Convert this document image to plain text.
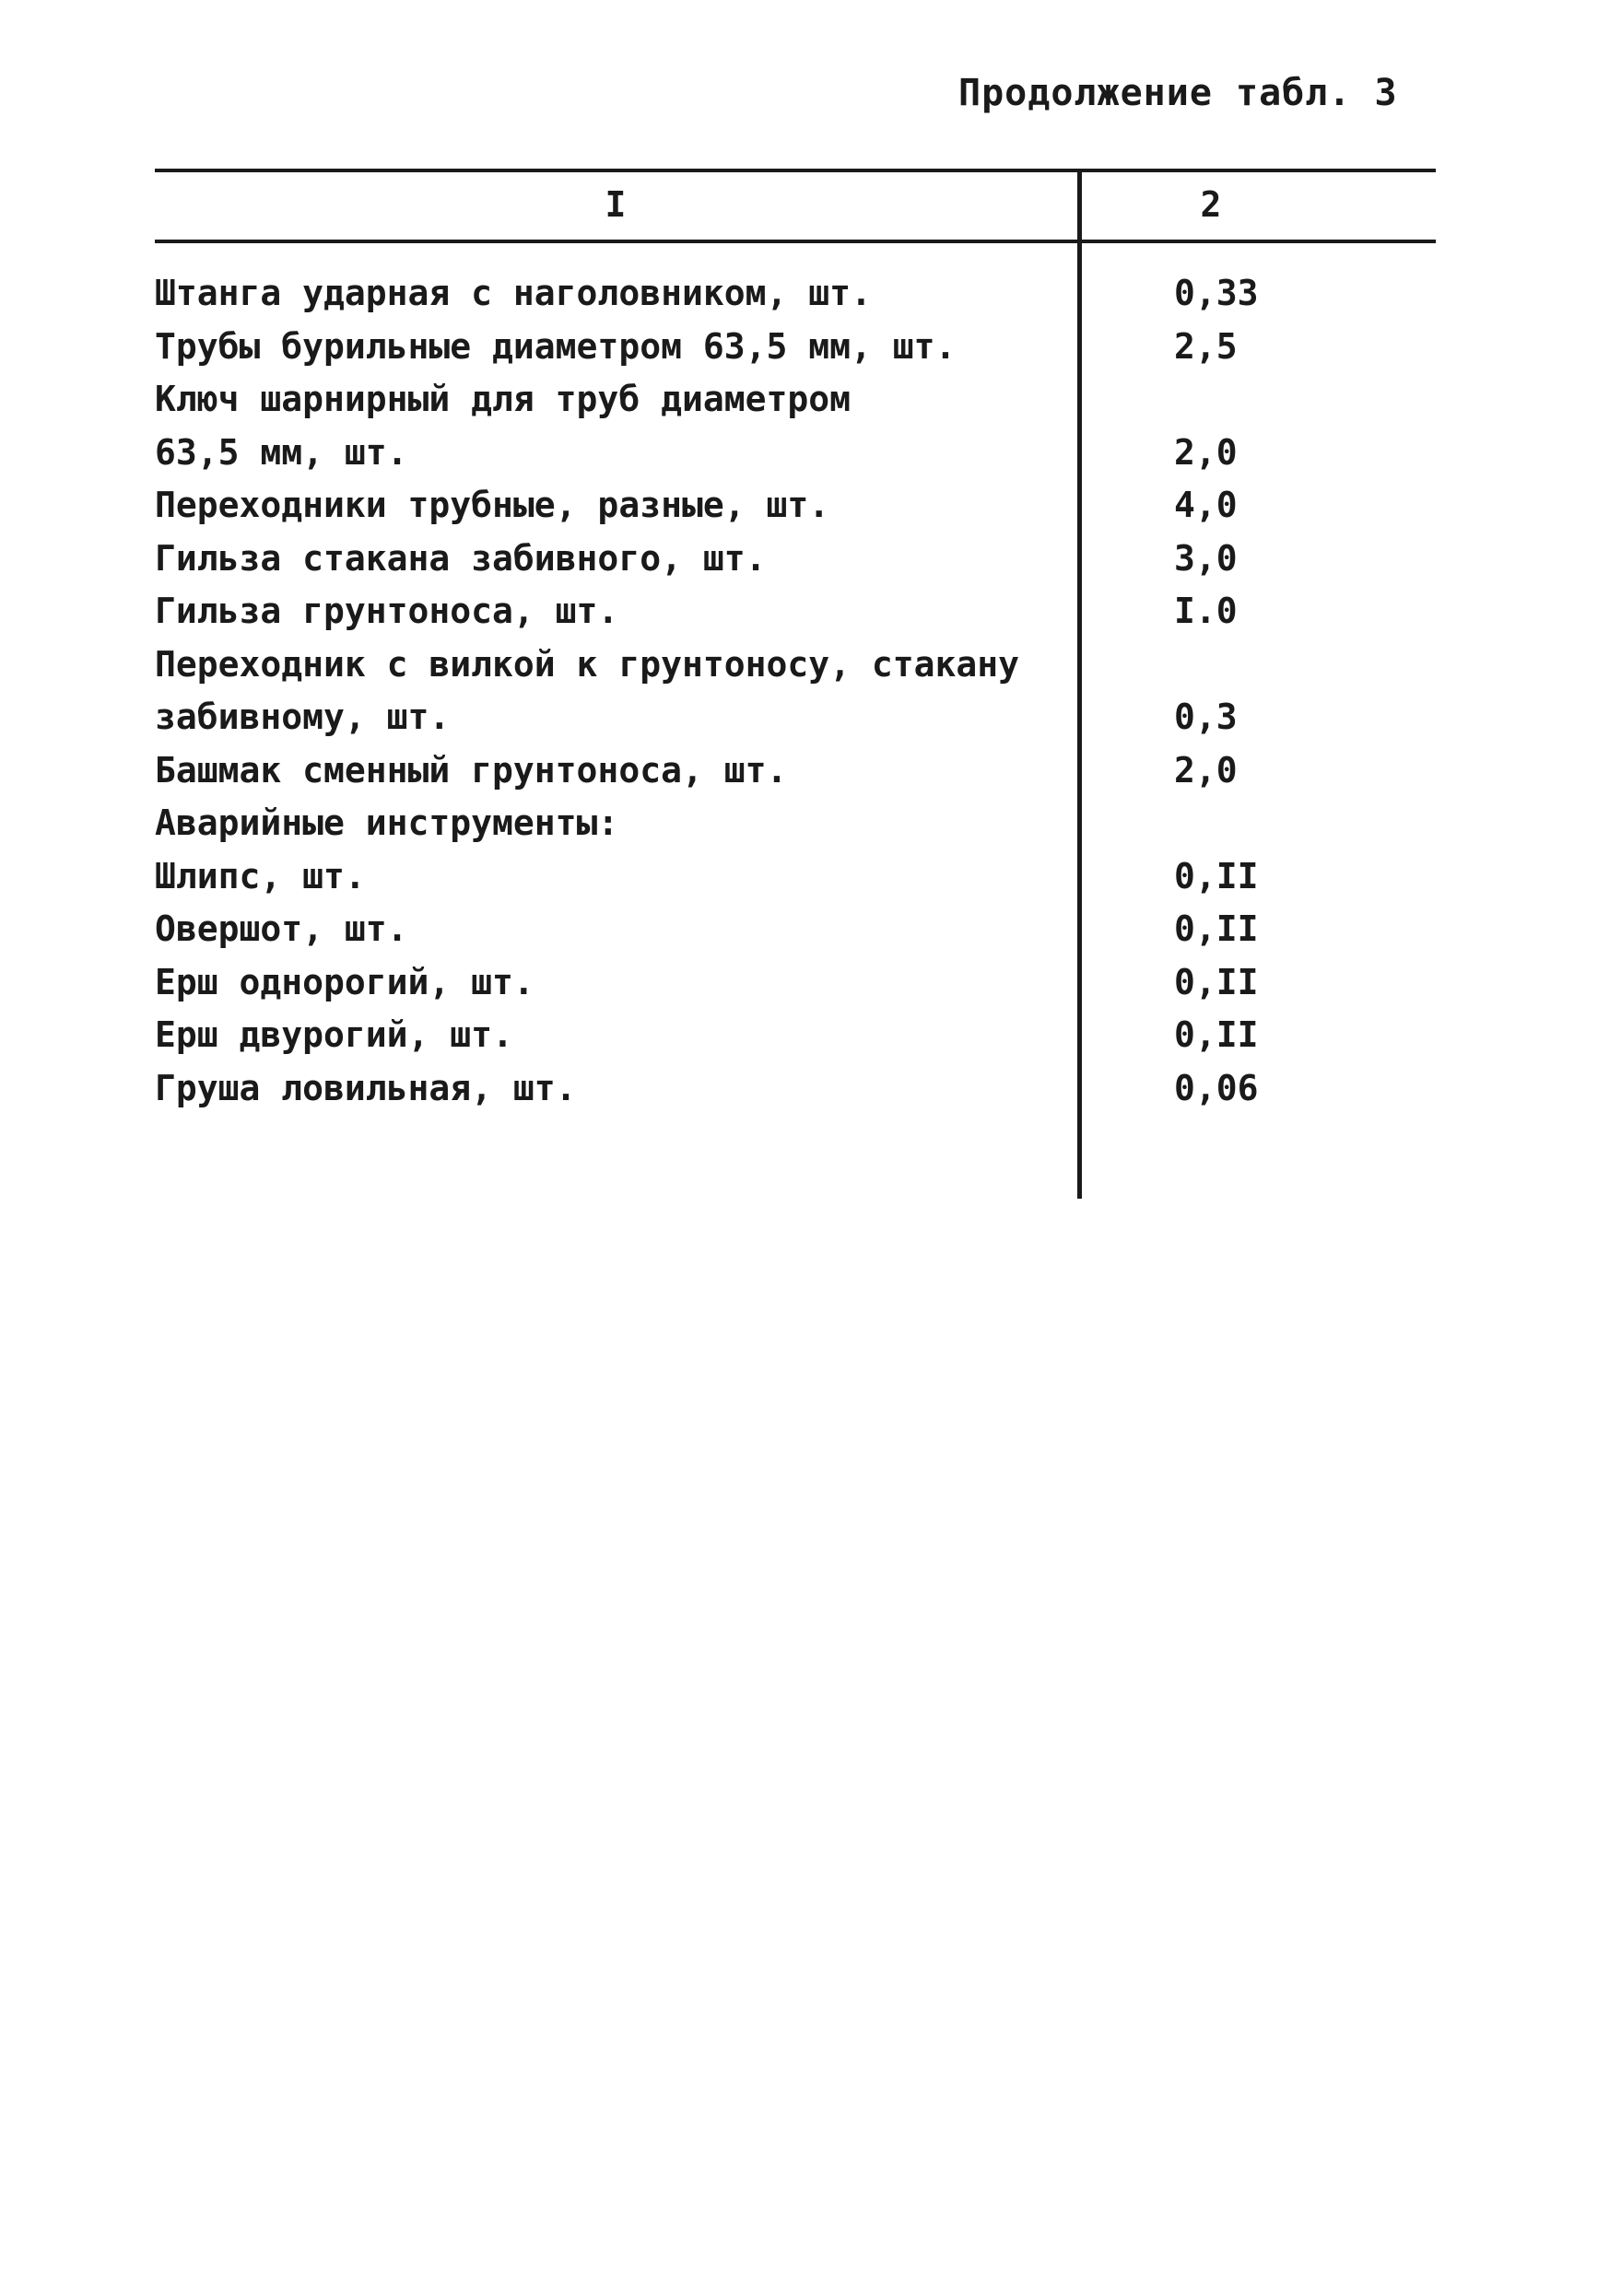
Продолжение табл. 3
I	2
Штанга ударная с наголовником, шт.	0,33
Трубы бурильные диаметром 63,5 мм, шт.	2,5
Ключ шарнирный для труб диаметром
63,5 мм, шт.	2,0
Переходники трубные, разные, шт.	4,0
Гильза стакана забивного, шт.	3,0
Гильза грунтоноса, шт.	I.0
Переходник с вилкой к грунтоносу, стакану
забивному, шт.	0,3
Башмак сменный грунтоноса, шт.	2,0
Аварийные инструменты:
Шлипс, шт.	0,II
Овершот, шт.	0,II
Ерш однорогий, шт.	0,II
Ерш двурогий, шт.	0,II
Груша ловильная, шт.	0,06
